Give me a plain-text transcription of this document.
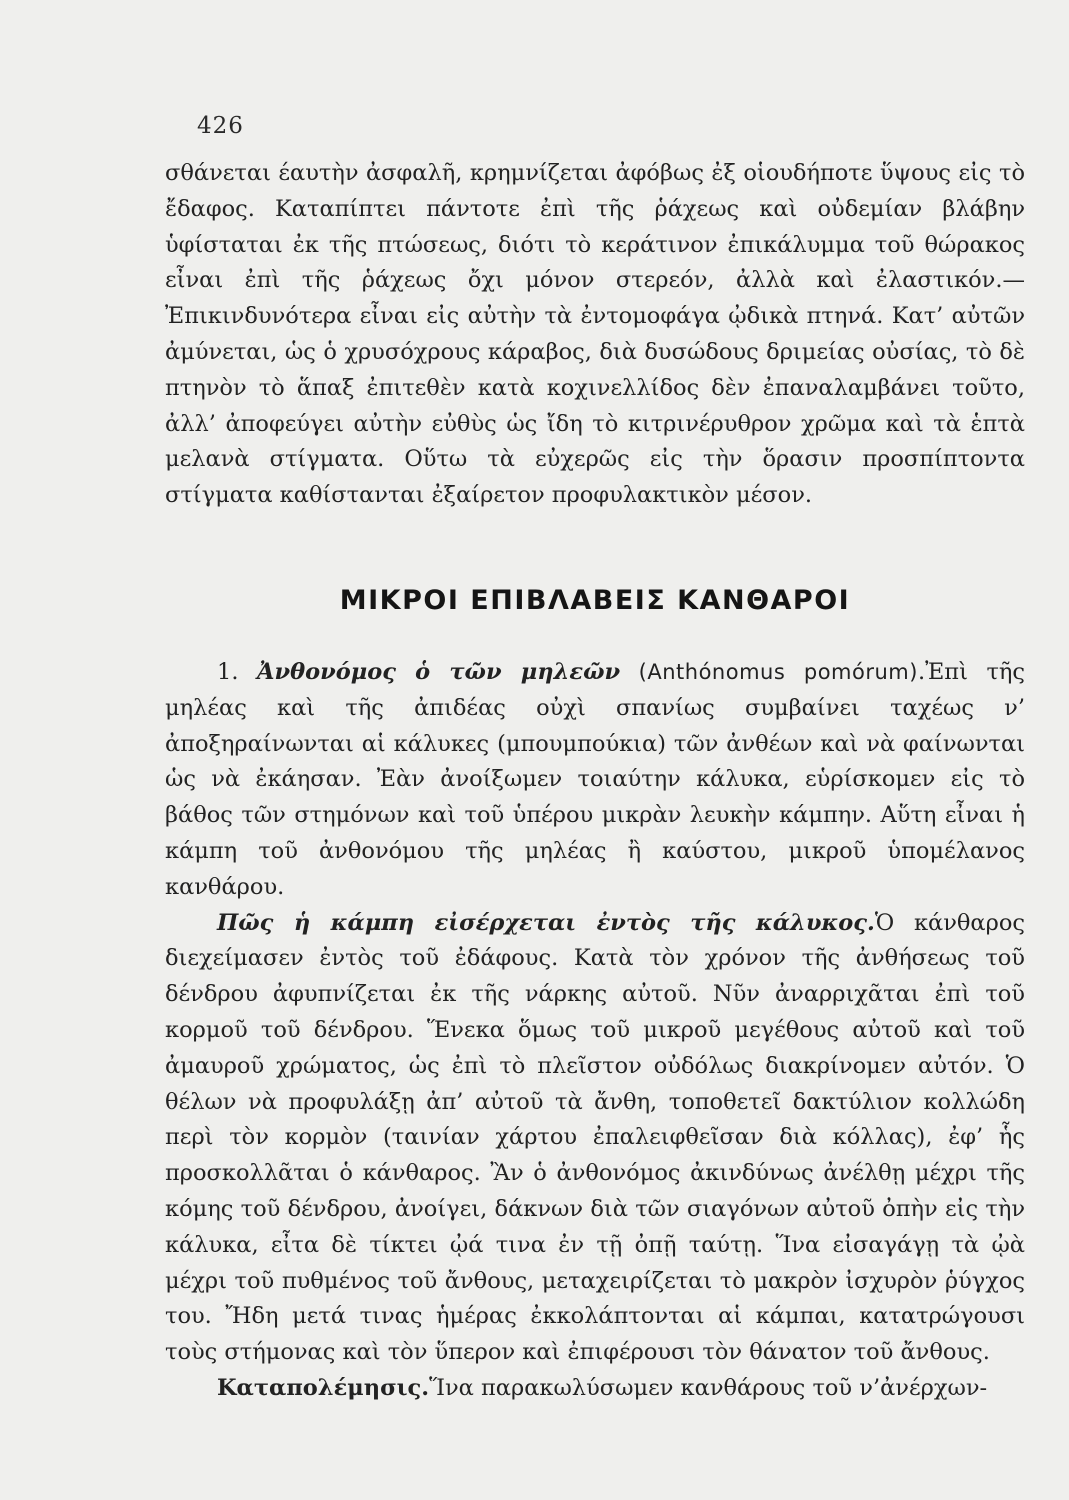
426

σθάνεται έαυτὴν ἀσφαλῆ, κρημνίζεται ἀφόβως ἐξ οἱουδήποτε ὕψους εἰς τὸ ἔδαφος. Καταπίπτει πάντοτε ἐπὶ τῆς ῥάχεως καὶ οὐδεμίαν βλάβην ὑφίσταται ἐκ τῆς πτώσεως, διότι τὸ κεράτινον ἐπικάλυμμα τοῦ θώρακος εἶναι ἐπὶ τῆς ῥάχεως ὄχι μόνον στερεόν, ἀλλὰ καὶ ἐλαστικόν.—Ἐπικινδυνότερα εἶναι εἰς αὐτὴν τὰ ἐντομοφάγα ᾠδικὰ πτηνά. Κατ’ αὐτῶν ἀμύνεται, ὡς ὁ χρυσόχρους κάραβος, διὰ δυσώδους δριμείας οὐσίας, τὸ δὲ πτηνὸν τὸ ἅπαξ ἐπιτεθὲν κατὰ κοχινελλίδος δὲν ἐπαναλαμβάνει τοῦτο, ἀλλ’ ἀποφεύγει αὐτὴν εὐθὺς ὡς ἴδη τὸ κιτρινέρυθρον χρῶμα καὶ τὰ ἑπτὰ μελανὰ στίγματα. Οὕτω τὰ εὐχερῶς εἰς τὴν ὅρασιν προσπίπτοντα στίγματα καθίστανται ἐξαίρετον προφυλακτικὸν μέσον.

ΜΙΚΡΟΙ ΕΠΙΒΛΑΒΕΙΣ ΚΑΝΘΑΡΟΙ

1. Ἀνθονόμος ὁ τῶν μηλεῶν (Anthónomus pomórum).Ἐπὶ τῆς μηλέας καὶ τῆς ἀπιδέας οὐχὶ σπανίως συμβαίνει ταχέως ν’ ἀποξηραίνωνται αἱ κάλυκες (μπουμπούκια) τῶν ἀνθέων καὶ νὰ φαίνωνται ὡς νὰ ἐκάησαν. Ἐὰν ἀνοίξωμεν τοιαύτην κάλυκα, εὑρίσκομεν εἰς τὸ βάθος τῶν στημόνων καὶ τοῦ ὑπέρου μικρὰν λευκὴν κάμπην. Αὕτη εἶναι ἡ κάμπη τοῦ ἀνθονόμου τῆς μηλέας ἢ καύστου, μικροῦ ὑπομέλανος κανθάρου.

Πῶς ἡ κάμπη εἰσέρχεται ἐντὸς τῆς κάλυκος.Ὁ κάνθαρος διεχείμασεν ἐντὸς τοῦ ἐδάφους. Κατὰ τὸν χρόνον τῆς ἀνθήσεως τοῦ δένδρου ἀφυπνίζεται ἐκ τῆς νάρκης αὐτοῦ. Νῦν ἀναρριχᾶται ἐπὶ τοῦ κορμοῦ τοῦ δένδρου. Ἕνεκα ὅμως τοῦ μικροῦ μεγέθους αὐτοῦ καὶ τοῦ ἀμαυροῦ χρώματος, ὡς ἐπὶ τὸ πλεῖστον οὐδόλως διακρίνομεν αὐτόν. Ὁ θέλων νὰ προφυλάξῃ ἀπ’ αὐτοῦ τὰ ἄνθη, τοποθετεῖ δακτύλιον κολλώδη περὶ τὸν κορμὸν (ταινίαν χάρτου ἐπαλειφθεῖσαν διὰ κόλλας), ἐφ’ ἧς προσκολλᾶται ὁ κάνθαρος. Ἂν ὁ ἀνθονόμος ἀκινδύνως ἀνέλθῃ μέχρι τῆς κόμης τοῦ δένδρου, ἀνοίγει, δάκνων διὰ τῶν σιαγόνων αὐτοῦ ὀπὴν εἰς τὴν κάλυκα, εἶτα δὲ τίκτει ᾠά τινα ἐν τῇ ὀπῇ ταύτῃ. Ἵνα εἰσαγάγῃ τὰ ᾠὰ μέχρι τοῦ πυθμένος τοῦ ἄνθους, μεταχειρίζεται τὸ μακρὸν ἰσχυρὸν ῥύγχος του. Ἤδη μετά τινας ἡμέρας ἐκκολάπτονται αἱ κάμπαι, κατατρώγουσι τοὺς στήμονας καὶ τὸν ὕπερον καὶ ἐπιφέρουσι τὸν θάνατον τοῦ ἄνθους.

Καταπολέμησις.Ἵνα παρακωλύσωμεν κανθάρους τοῦ ν’ἀνέρχων-
